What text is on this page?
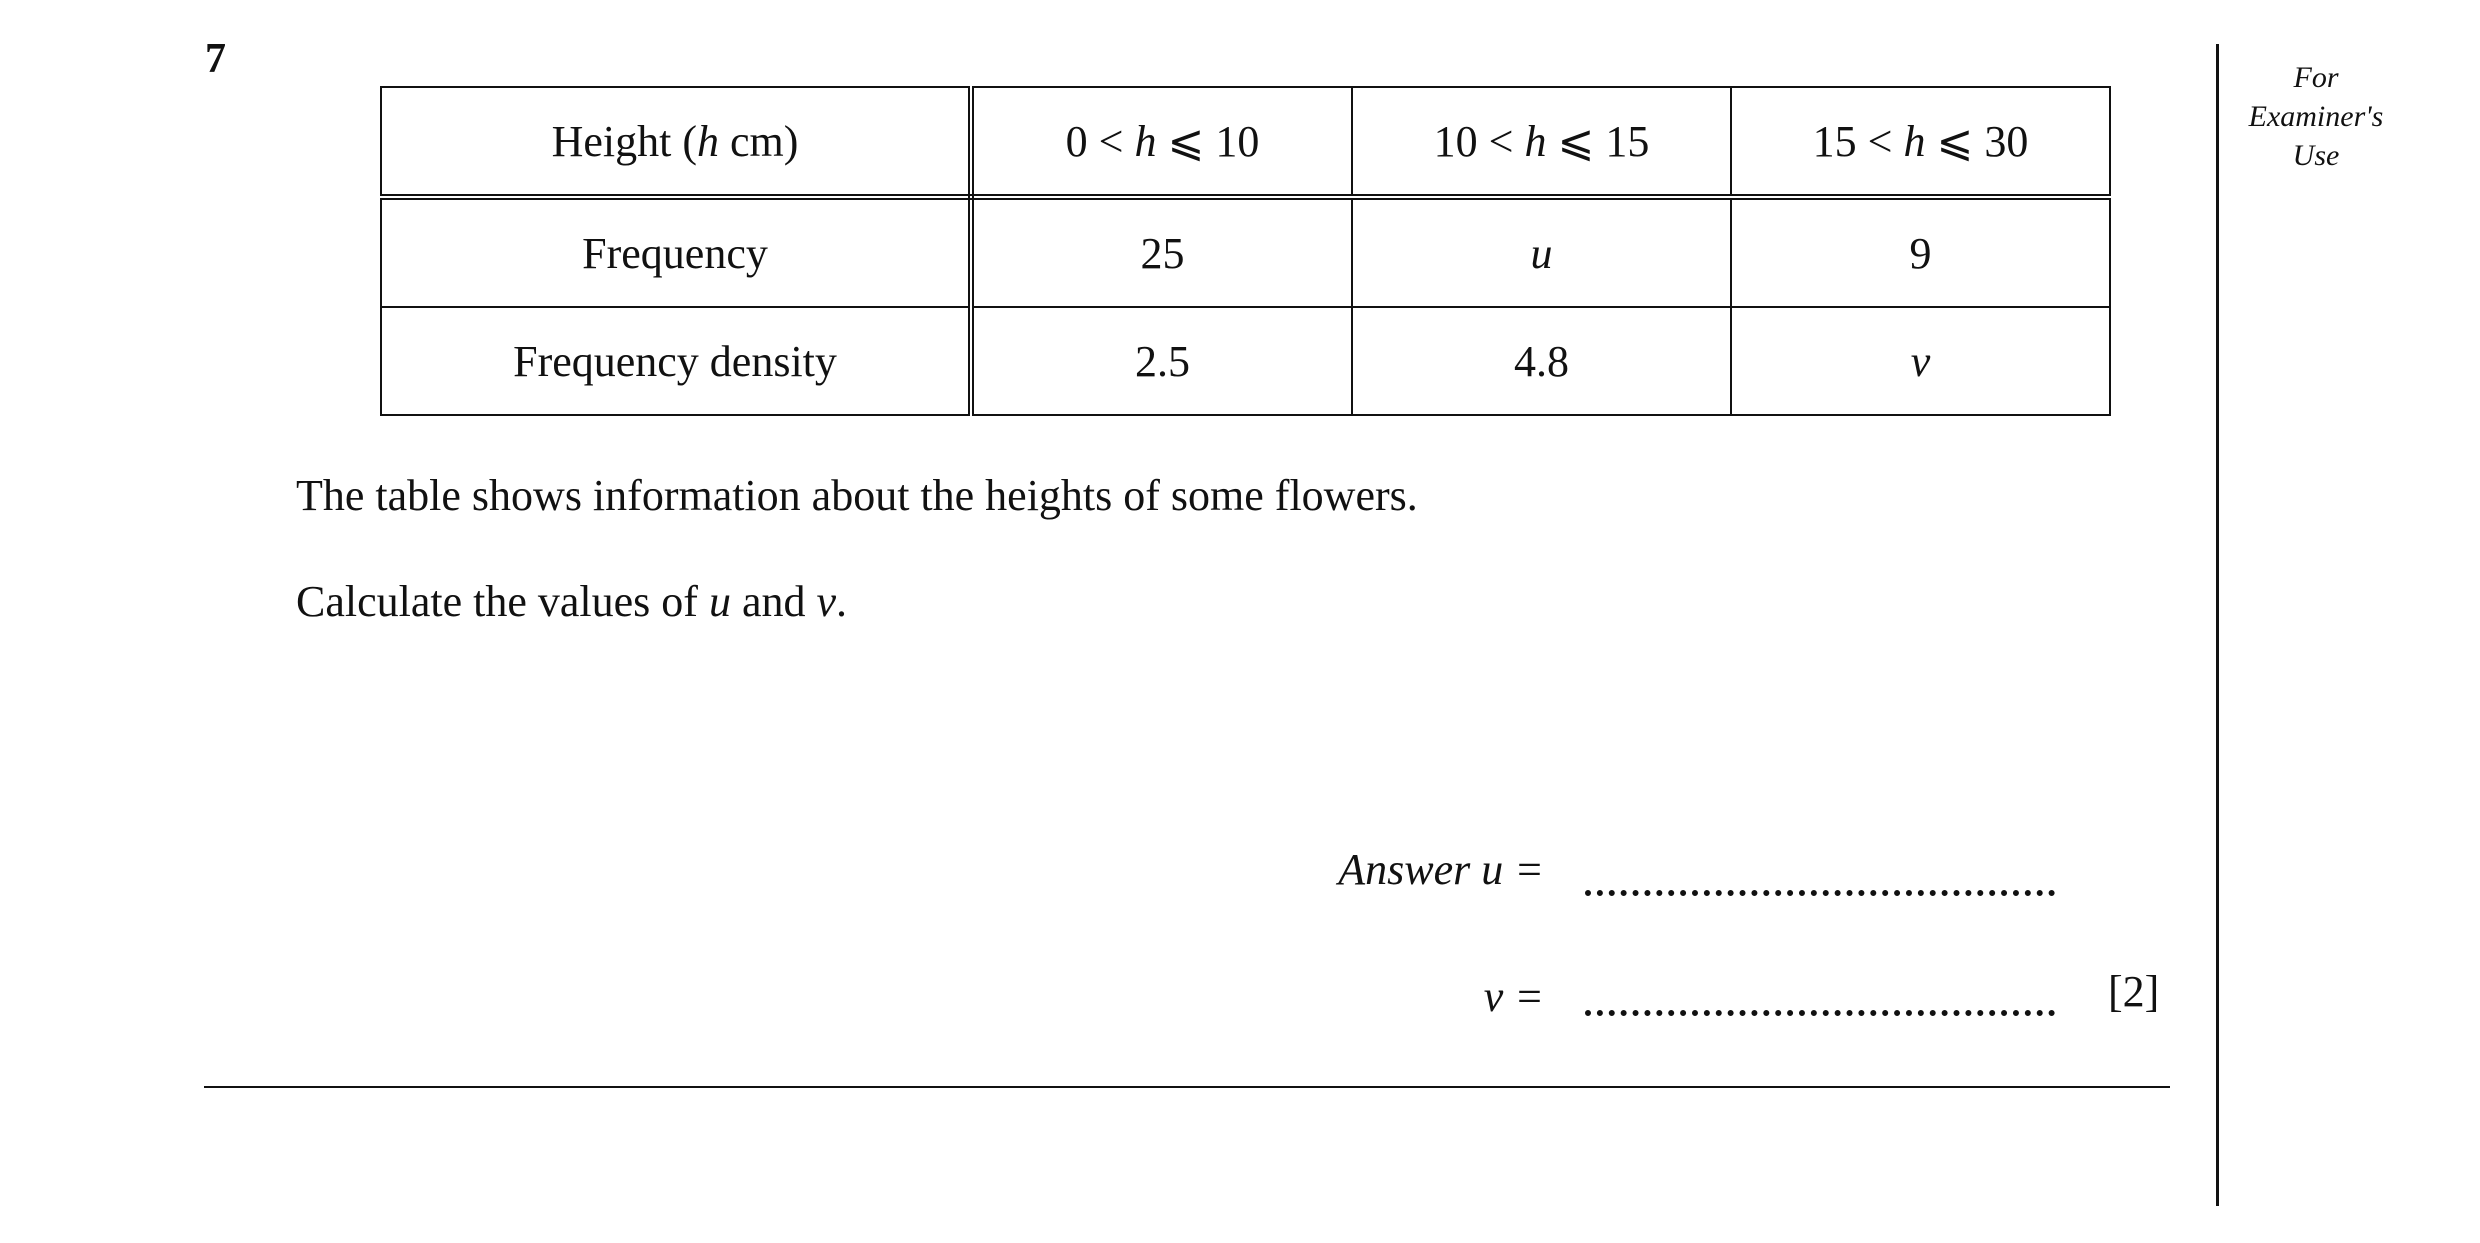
7
Height (h cm)	0 < h ⩽ 10	10 < h ⩽ 15	15 < h ⩽ 30
Frequency	25	u	9
Frequency density	2.5	4.8	v
The table shows information about the heights of some flowers.
Calculate the values of u and v.
Answer u =
v =	[2]
For
Examiner's
Use
